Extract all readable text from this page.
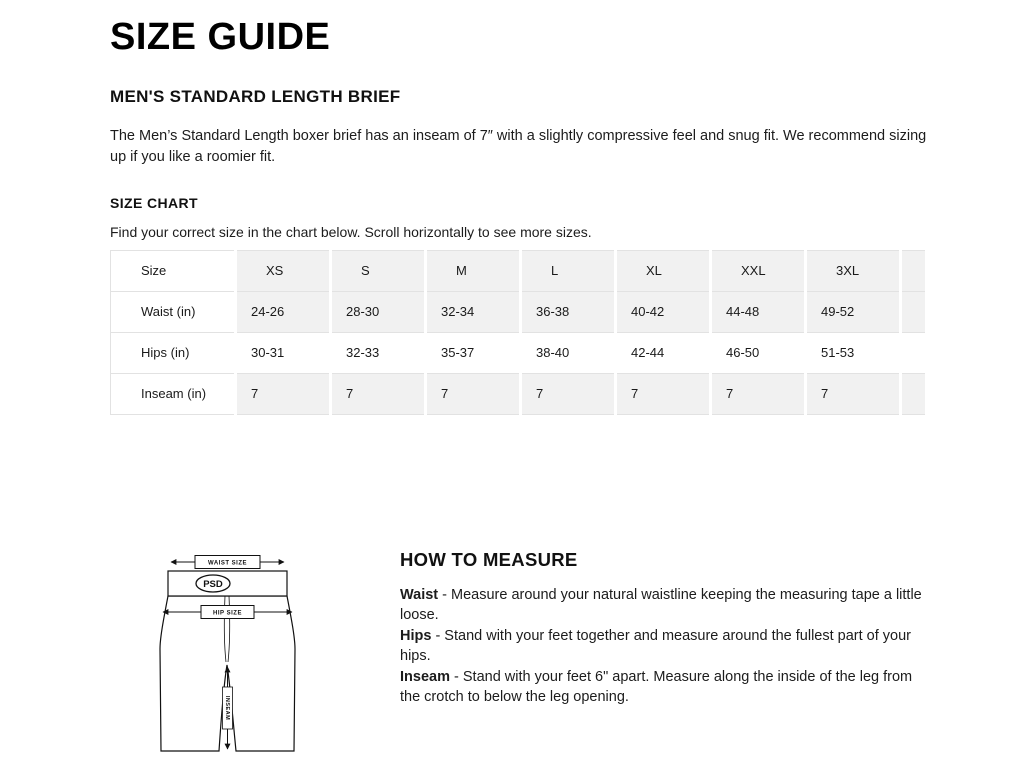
SIZE GUIDE
MEN'S STANDARD LENGTH BRIEF

The Men’s Standard Length boxer brief has an inseam of 7″ with a slightly compressive feel and snug fit. We recommend sizing up if you like a roomier fit.

SIZE CHART

Find your correct size in the chart below. Scroll horizontally to see more sizes.

Size	XS	S	M	L	XL	XXL	3XL	
Waist (in)	24-26	28-30	32-34	36-38	40-42	44-48	49-52	
Hips (in)	30-31	32-33	35-37	38-40	42-44	46-50	51-53	
Inseam (in)	7	7	7	7	7	7	7	
PSD
WAIST SIZE
HIP SIZE
INSEAM
HOW TO MEASURE

Waist - Measure around your natural waistline keeping the measuring tape a little loose.

Hips - Stand with your feet together and measure around the fullest part of your hips.

Inseam - Stand with your feet 6" apart. Measure along the inside of the leg from the crotch to below the leg opening.
